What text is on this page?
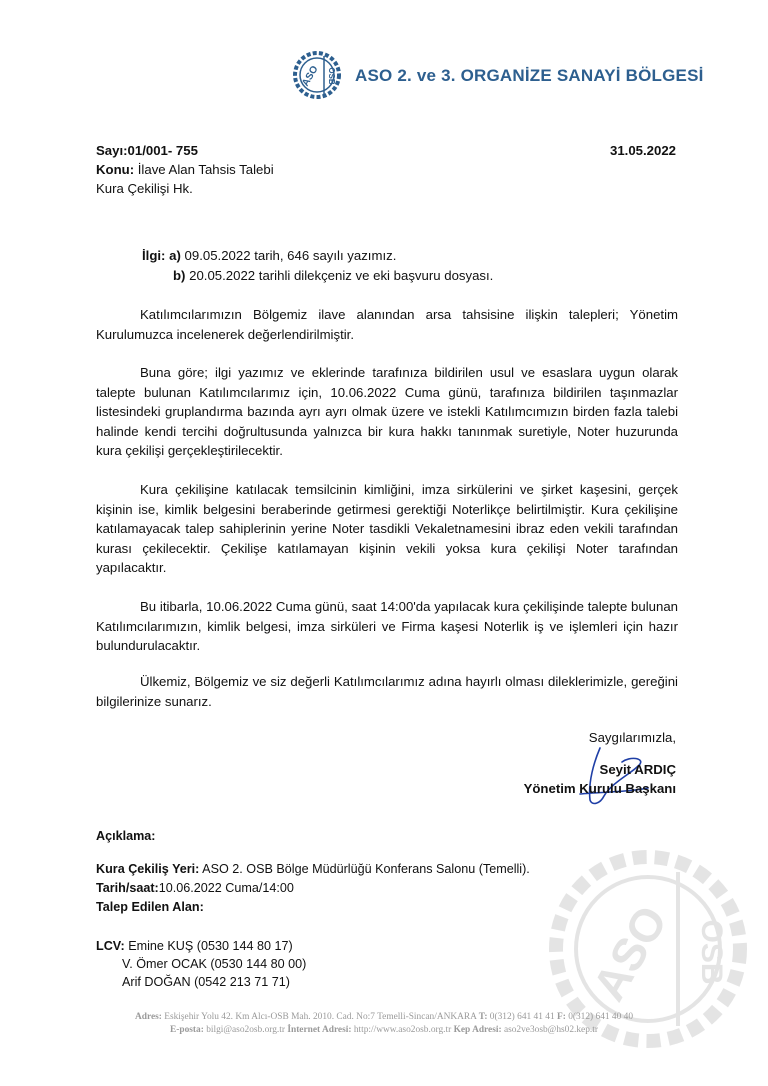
ASO OSB ASO 2. ve 3. ORGANİZE SANAYİ BÖLGESİ
Sayı:01/001- 755
Konu: İlave Alan Tahsis Talebi
Kura Çekilişi Hk.
31.05.2022
İlgi: a) 09.05.2022 tarih, 646 sayılı yazımız.
b) 20.05.2022 tarihli dilekçeniz ve eki başvuru dosyası.

Katılımcılarımızın Bölgemiz ilave alanından arsa tahsisine ilişkin talepleri; Yönetim Kurulumuzca incelenerek değerlendirilmiştir.

Buna göre; ilgi yazımız ve eklerinde tarafınıza bildirilen usul ve esaslara uygun olarak talepte bulunan Katılımcılarımız için, 10.06.2022 Cuma günü, tarafınıza bildirilen taşınmazlar listesindeki gruplandırma bazında ayrı ayrı olmak üzere ve istekli Katılımcımızın birden fazla talebi halinde kendi tercihi doğrultusunda yalnızca bir kura hakkı tanınmak suretiyle, Noter huzurunda kura çekilişi gerçekleştirilecektir.

Kura çekilişine katılacak temsilcinin kimliğini, imza sirkülerini ve şirket kaşesini, gerçek kişinin ise, kimlik belgesini beraberinde getirmesi gerektiği Noterlikçe belirtilmiştir. Kura çekilişine katılamayacak talep sahiplerinin yerine Noter tasdikli Vekaletnamesini ibraz eden vekili tarafından kurası çekilecektir. Çekilişe katılamayan kişinin vekili yoksa kura çekilişi Noter tarafından yapılacaktır.

Bu itibarla, 10.06.2022 Cuma günü, saat 14:00'da yapılacak kura çekilişinde talepte bulunan Katılımcılarımızın, kimlik belgesi, imza sirküleri ve Firma kaşesi Noterlik iş ve işlemleri için hazır bulundurulacaktır.

Ülkemiz, Bölgemiz ve siz değerli Katılımcılarımız adına hayırlı olması dileklerimizle, gereğini bilgilerinize sunarız.

Saygılarımızla,
Seyit ARDIÇ
Yönetim Kurulu Başkanı
ASO OSB
Açıklama:
Kura Çekiliş Yeri: ASO 2. OSB Bölge Müdürlüğü Konferans Salonu (Temelli).
Tarih/saat:10.06.2022 Cuma/14:00
Talep Edilen Alan:
LCV: Emine KUŞ (0530 144 80 17)
V. Ömer OCAK (0530 144 80 00)
Arif DOĞAN (0542 213 71 71)
Adres: Eskişehir Yolu 42. Km Alcı-OSB Mah. 2010. Cad. No:7 Temelli-Sincan/ANKARA T: 0(312) 641 41 41 F: 0(312) 641 40 40
E-posta: bilgi@aso2osb.org.tr İnternet Adresi: http://www.aso2osb.org.tr Kep Adresi: aso2ve3osb@hs02.kep.tr
